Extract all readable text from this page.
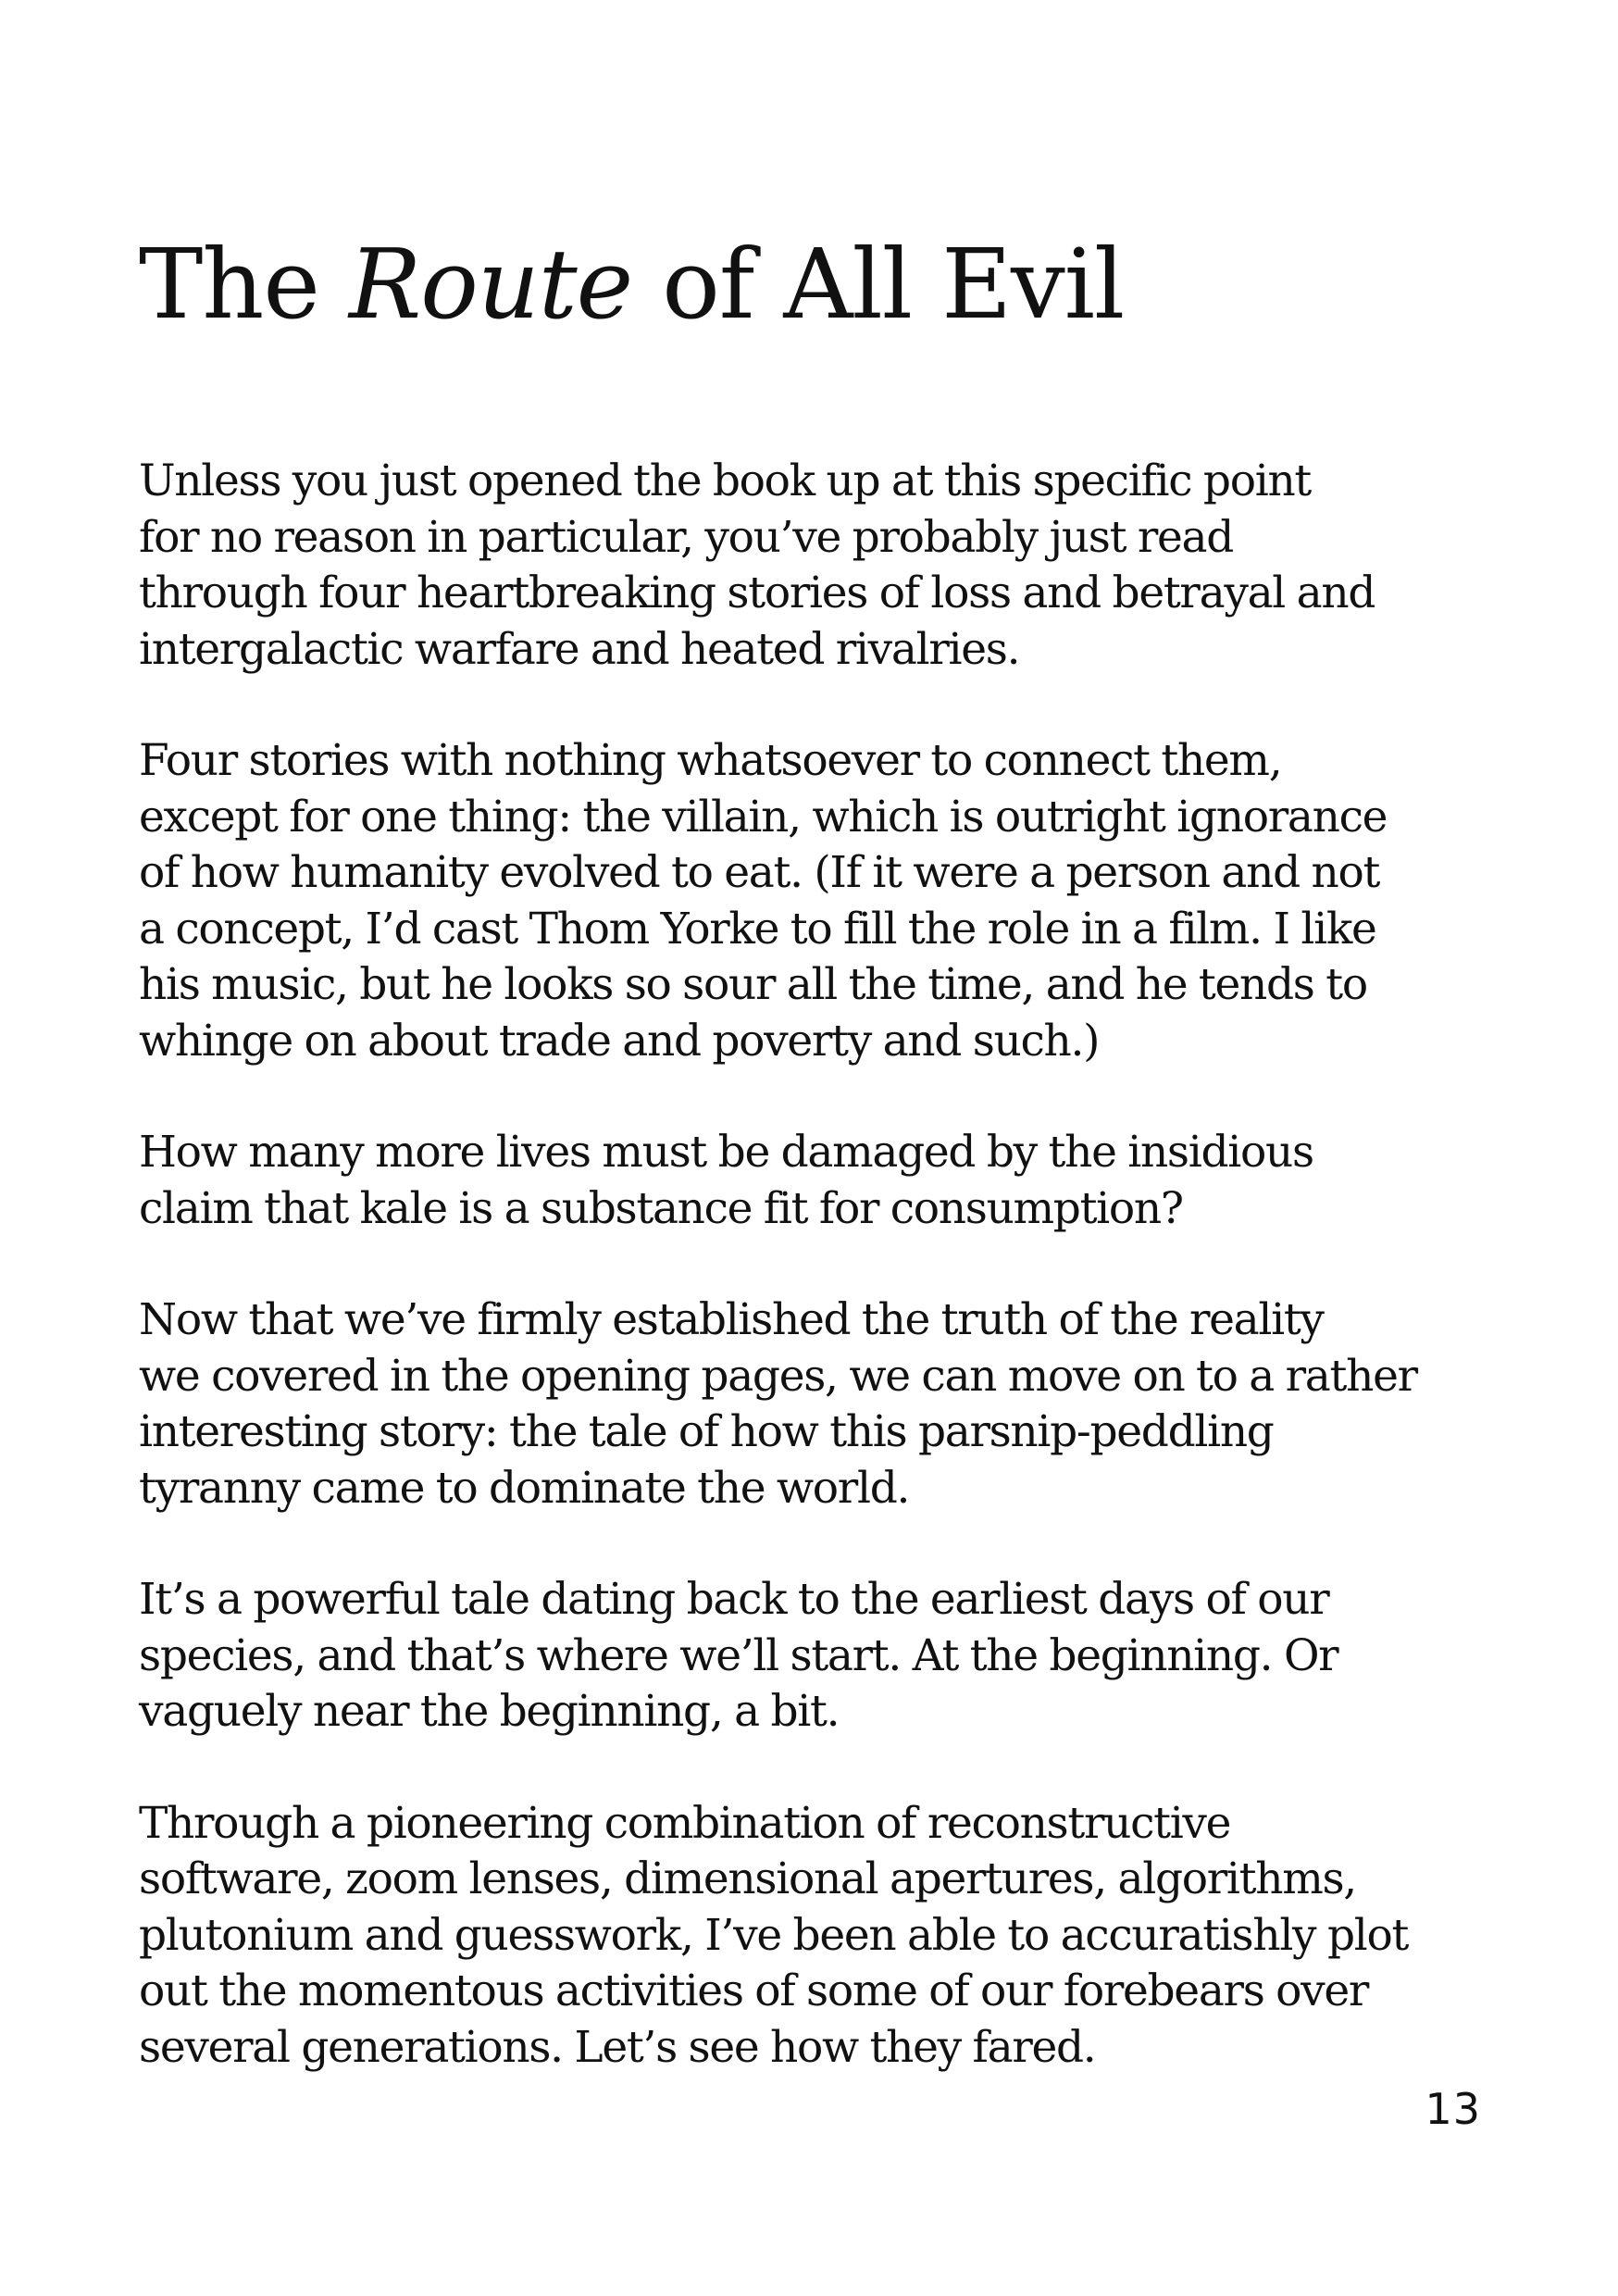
The Route of All Evil

Unless you just opened the book up at this specific point
for no reason in particular, you’ve probably just read
through four heartbreaking stories of loss and betrayal and
intergalactic warfare and heated rivalries.

Four stories with nothing whatsoever to connect them,
except for one thing: the villain, which is outright ignorance
of how humanity evolved to eat. (If it were a person and not
a concept, I’d cast Thom Yorke to fill the role in a film. I like
his music, but he looks so sour all the time, and he tends to
whinge on about trade and poverty and such.)

How many more lives must be damaged by the insidious
claim that kale is a substance fit for consumption?

Now that we’ve firmly established the truth of the reality
we covered in the opening pages, we can move on to a rather
interesting story: the tale of how this parsnip-peddling
tyranny came to dominate the world.

It’s a powerful tale dating back to the earliest days of our
species, and that’s where we’ll start. At the beginning. Or
vaguely near the beginning, a bit.

Through a pioneering combination of reconstructive
software, zoom lenses, dimensional apertures, algorithms,
plutonium and guesswork, I’ve been able to accuratishly plot
out the momentous activities of some of our forebears over
several generations. Let’s see how they fared.

13
